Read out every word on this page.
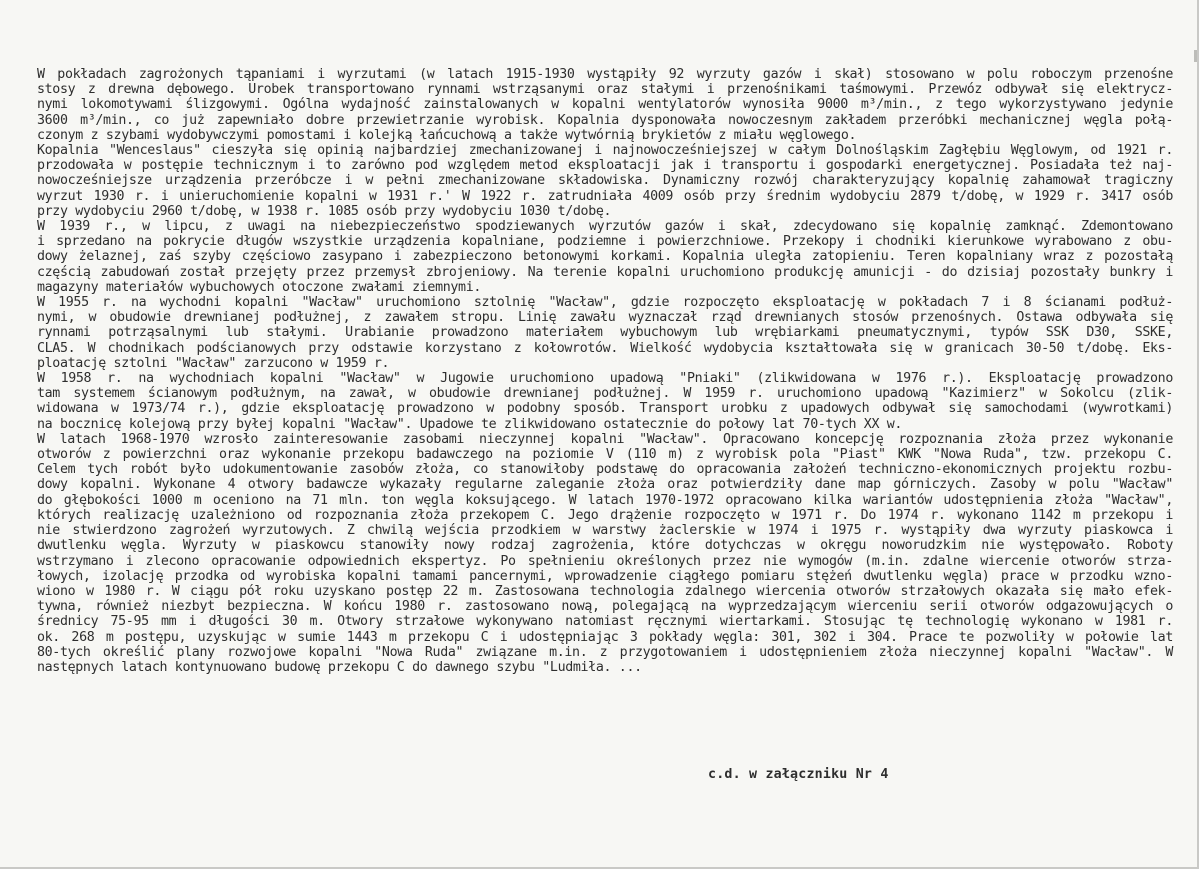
W pokładach zagrożonych tąpaniami i wyrzutami (w latach 1915-1930 wystąpiły 92 wyrzuty gazów i skał) stosowano w polu roboczym przenośne
stosy z drewna dębowego. Urobek transportowano rynnami wstrząsanymi oraz stałymi i przenośnikami taśmowymi. Przewóz odbywał się elektrycz-
nymi lokomotywami ślizgowymi. Ogólna wydajność zainstalowanych w kopalni wentylatorów wynosiła 9000 m³/min., z tego wykorzystywano jedynie
3600 m³/min., co już zapewniało dobre przewietrzanie wyrobisk. Kopalnia dysponowała nowoczesnym zakładem przeróbki mechanicznej węgla połą-
czonym z szybami wydobywczymi pomostami i kolejką łańcuchową a także wytwórnią brykietów z miału węglowego.
Kopalnia "Wenceslaus" cieszyła się opinią najbardziej zmechanizowanej i najnowocześniejszej w całym Dolnośląskim Zagłębiu Węglowym, od 1921 r.
przodowała w postępie technicznym i to zarówno pod względem metod eksploatacji jak i transportu i gospodarki energetycznej. Posiadała też naj-
nowocześniejsze urządzenia przeróbcze i w pełni zmechanizowane składowiska. Dynamiczny rozwój charakteryzujący kopalnię zahamował tragiczny
wyrzut 1930 r. i unieruchomienie kopalni w 1931 r.' W 1922 r. zatrudniała 4009 osób przy średnim wydobyciu 2879 t/dobę, w 1929 r. 3417 osób
przy wydobyciu 2960 t/dobę, w 1938 r. 1085 osób przy wydobyciu 1030 t/dobę.
W 1939 r., w lipcu, z uwagi na niebezpieczeństwo spodziewanych wyrzutów gazów i skał, zdecydowano się kopalnię zamknąć. Zdemontowano
i sprzedano na pokrycie długów wszystkie urządzenia kopalniane, podziemne i powierzchniowe. Przekopy i chodniki kierunkowe wyrabowano z obu-
dowy żelaznej, zaś szyby częściowo zasypano i zabezpieczono betonowymi korkami. Kopalnia uległa zatopieniu. Teren kopalniany wraz z pozostałą
częścią zabudowań został przejęty przez przemysł zbrojeniowy. Na terenie kopalni uruchomiono produkcję amunicji - do dzisiaj pozostały bunkry i
magazyny materiałów wybuchowych otoczone zwałami ziemnymi.
W 1955 r. na wychodni kopalni "Wacław" uruchomiono sztolnię "Wacław", gdzie rozpoczęto eksploatację w pokładach 7 i 8 ścianami podłuż-
nymi, w obudowie drewnianej podłużnej, z zawałem stropu. Linię zawału wyznaczał rząd drewnianych stosów przenośnych. Ostawa odbywała się
rynnami potrząsalnymi lub stałymi. Urabianie prowadzono materiałem wybuchowym lub wrębiarkami pneumatycznymi, typów SSK D30, SSKE,
CLA5. W chodnikach podścianowych przy odstawie korzystano z kołowrotów. Wielkość wydobycia kształtowała się w granicach 30-50 t/dobę. Eks-
ploatację sztolni "Wacław" zarzucono w 1959 r.
W 1958 r. na wychodniach kopalni "Wacław" w Jugowie uruchomiono upadową "Pniaki" (zlikwidowana w 1976 r.). Eksploatację prowadzono
tam systemem ścianowym podłużnym, na zawał, w obudowie drewnianej podłużnej. W 1959 r. uruchomiono upadową "Kazimierz" w Sokolcu (zlik-
widowana w 1973/74 r.), gdzie eksploatację prowadzono w podobny sposób. Transport urobku z upadowych odbywał się samochodami (wywrotkami)
na bocznicę kolejową przy byłej kopalni "Wacław". Upadowe te zlikwidowano ostatecznie do połowy lat 70-tych XX w.
W latach 1968-1970 wzrosło zainteresowanie zasobami nieczynnej kopalni "Wacław". Opracowano koncepcję rozpoznania złoża przez wykonanie
otworów z powierzchni oraz wykonanie przekopu badawczego na poziomie V (110 m) z wyrobisk pola "Piast" KWK "Nowa Ruda", tzw. przekopu C.
Celem tych robót było udokumentowanie zasobów złoża, co stanowiłoby podstawę do opracowania założeń techniczno-ekonomicznych projektu rozbu-
dowy kopalni. Wykonane 4 otwory badawcze wykazały regularne zaleganie złoża oraz potwierdziły dane map górniczych. Zasoby w polu "Wacław"
do głębokości 1000 m oceniono na 71 mln. ton węgla koksującego. W latach 1970-1972 opracowano kilka wariantów udostępnienia złoża "Wacław",
których realizację uzależniono od rozpoznania złoża przekopem C. Jego drążenie rozpoczęto w 1971 r. Do 1974 r. wykonano 1142 m przekopu i
nie stwierdzono zagrożeń wyrzutowych. Z chwilą wejścia przodkiem w warstwy żaclerskie w 1974 i 1975 r. wystąpiły dwa wyrzuty piaskowca i
dwutlenku węgla. Wyrzuty w piaskowcu stanowiły nowy rodzaj zagrożenia, które dotychczas w okręgu noworudzkim nie występowało. Roboty
wstrzymano i zlecono opracowanie odpowiednich ekspertyz. Po spełnieniu określonych przez nie wymogów (m.in. zdalne wiercenie otworów strza-
łowych, izolację przodka od wyrobiska kopalni tamami pancernymi, wprowadzenie ciągłego pomiaru stężeń dwutlenku węgla) prace w przodku wzno-
wiono w 1980 r. W ciągu pół roku uzyskano postęp 22 m. Zastosowana technologia zdalnego wiercenia otworów strzałowych okazała się mało efek-
tywna, również niezbyt bezpieczna. W końcu 1980 r. zastosowano nową, polegającą na wyprzedzającym wierceniu serii otworów odgazowujących o
średnicy 75-95 mm i długości 30 m. Otwory strzałowe wykonywano natomiast ręcznymi wiertarkami. Stosując tę technologię wykonano w 1981 r.
ok. 268 m postępu, uzyskując w sumie 1443 m przekopu C i udostępniając 3 pokłady węgla: 301, 302 i 304. Prace te pozwoliły w połowie lat
80-tych określić plany rozwojowe kopalni "Nowa Ruda" związane m.in. z przygotowaniem i udostępnieniem złoża nieczynnej kopalni "Wacław". W
następnych latach kontynuowano budowę przekopu C do dawnego szybu "Ludmiła. ...
c.d. w załączniku Nr 4
